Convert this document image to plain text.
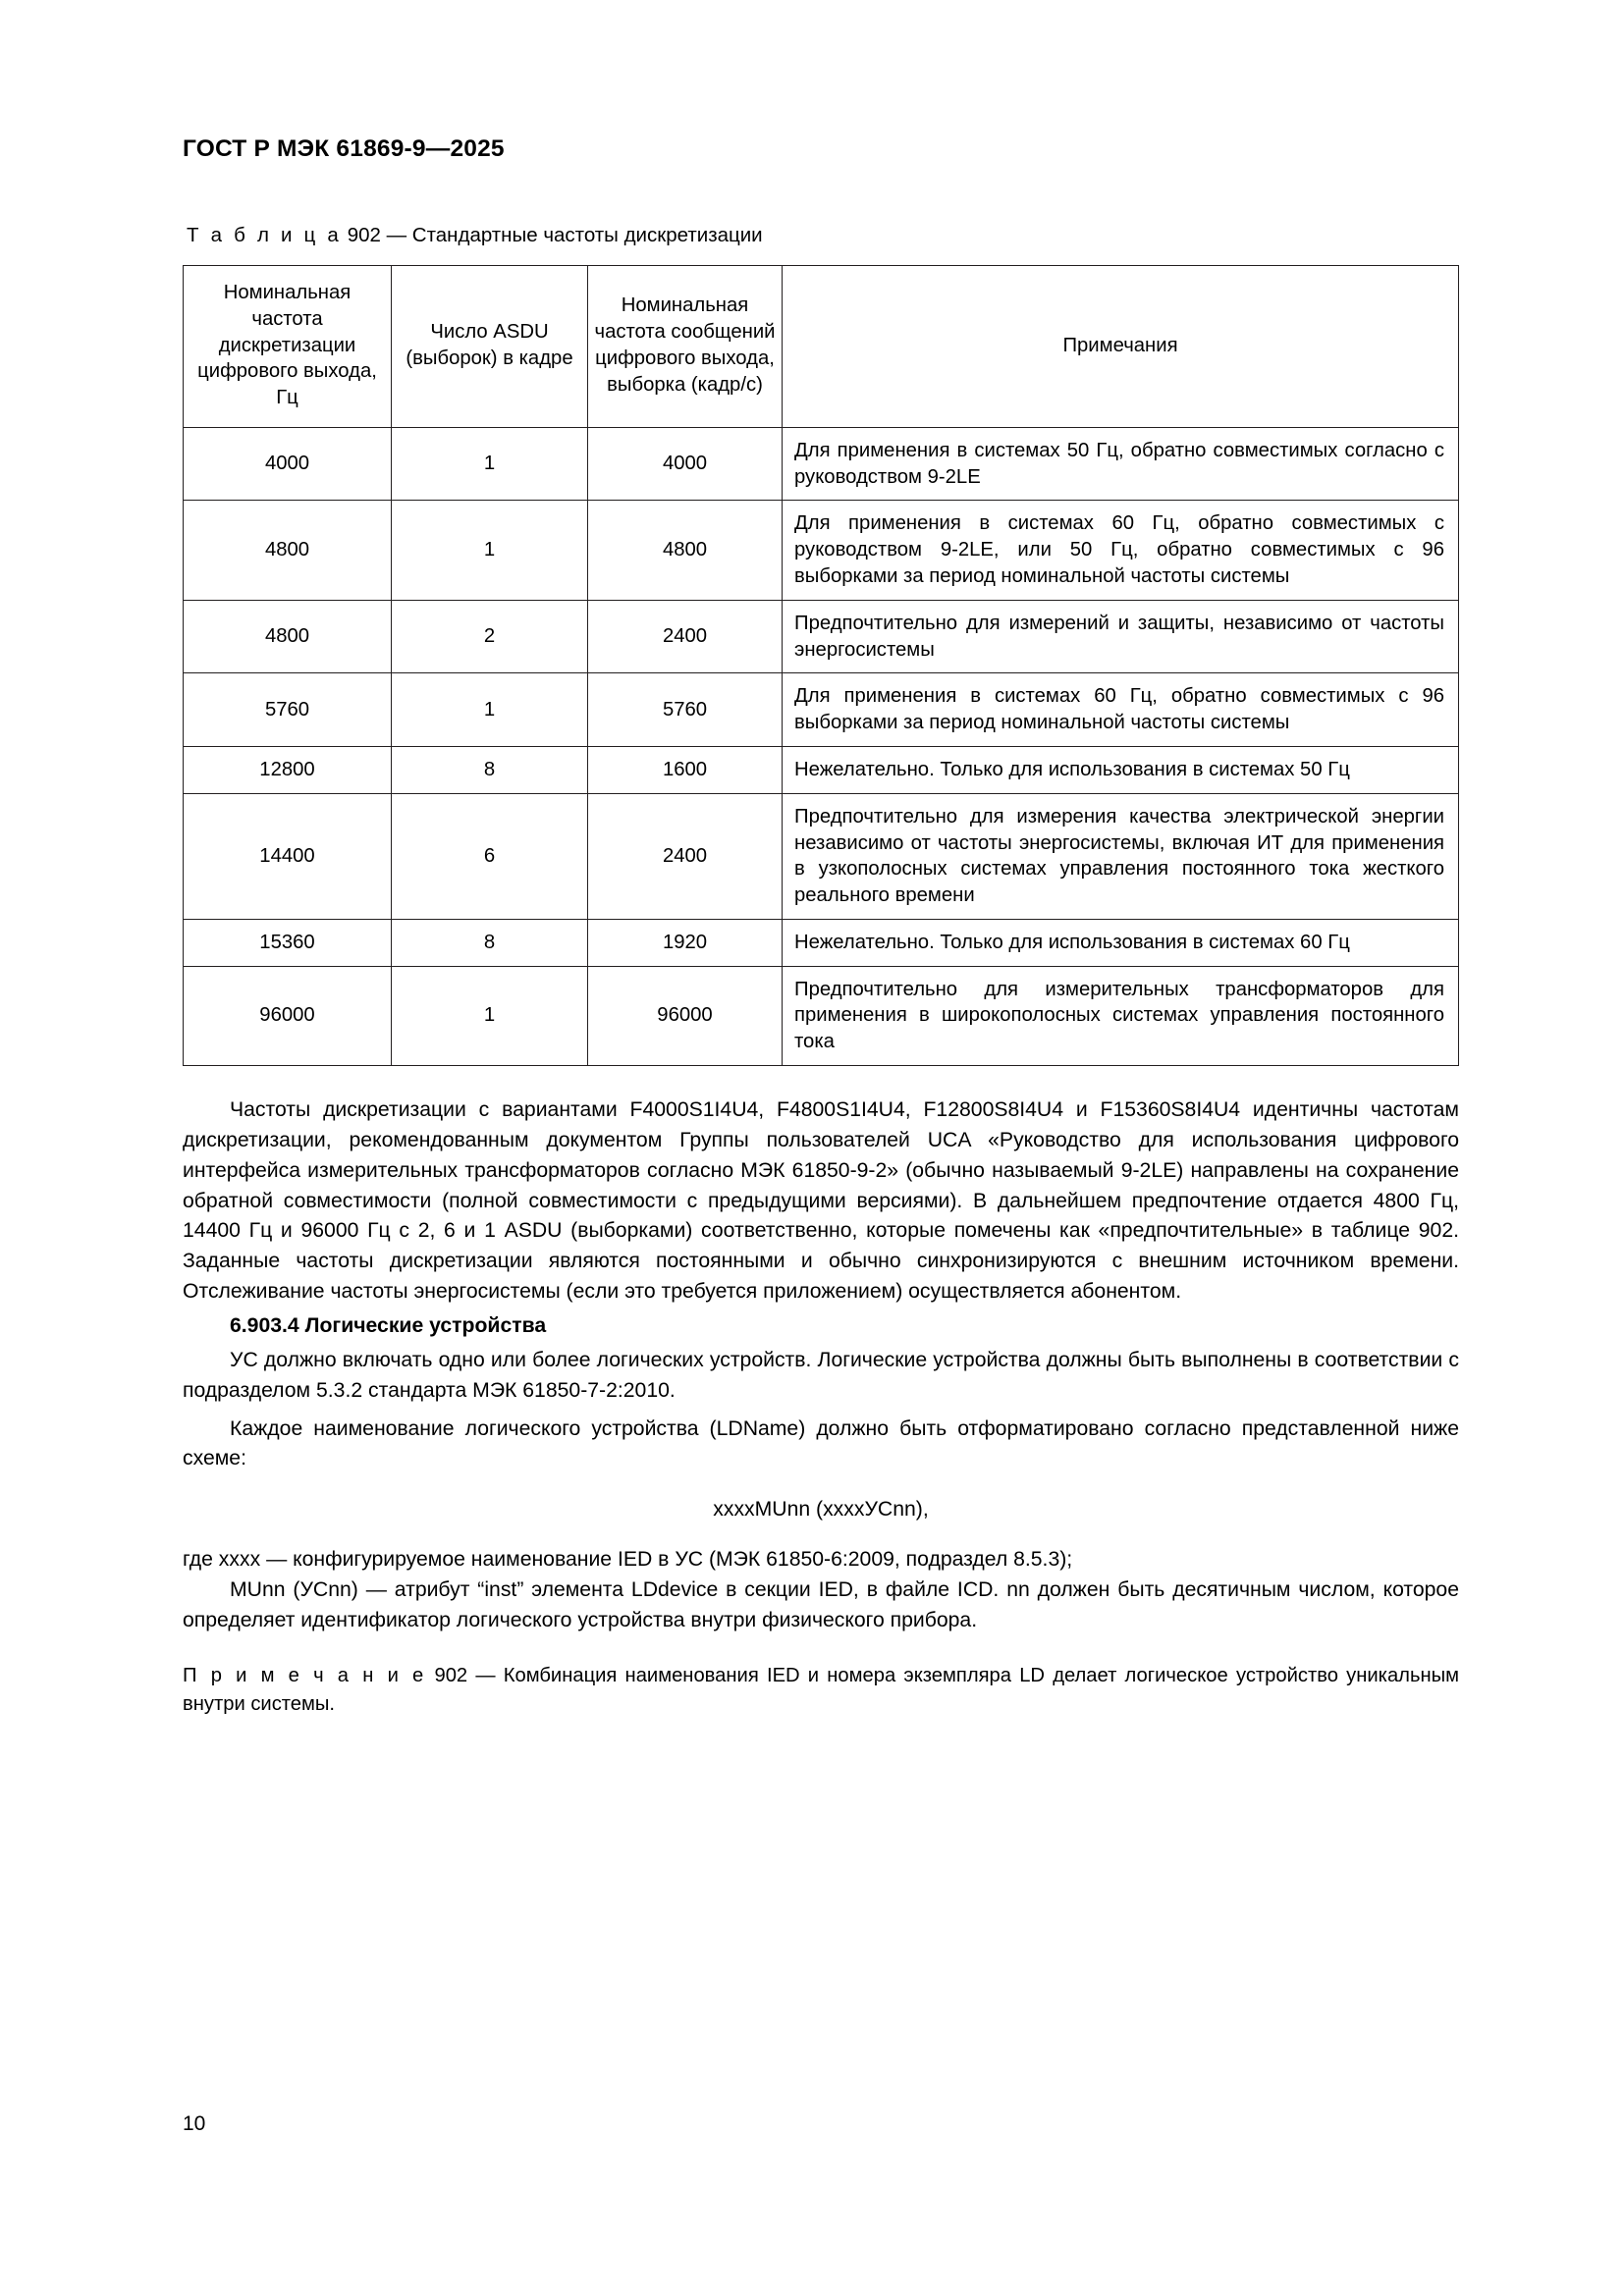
ГОСТ Р МЭК 61869-9—2025
Т а б л и ц а 902 — Стандартные частоты дискретизации
Номинальная частота дискретизации цифрового выхода, Гц	Число ASDU (выборок) в кадре	Номинальная частота сообщений цифрового выхода, выборка (кадр/с)	Примечания
4000	1	4000	Для применения в системах 50 Гц, обратно совместимых согласно с руководством 9-2LE
4800	1	4800	Для применения в системах 60 Гц, обратно совместимых с руководством 9-2LE, или 50 Гц, обратно совместимых с 96 выборками за период номинальной частоты системы
4800	2	2400	Предпочтительно для измерений и защиты, независимо от частоты энергосистемы
5760	1	5760	Для применения в системах 60 Гц, обратно совместимых с 96 выборками за период номинальной частоты системы
12800	8	1600	Нежелательно. Только для использования в системах 50 Гц
14400	6	2400	Предпочтительно для измерения качества электрической энергии независимо от частоты энергосистемы, включая ИТ для применения в узкополосных системах управления постоянного тока жесткого реального времени
15360	8	1920	Нежелательно. Только для использования в системах 60 Гц
96000	1	96000	Предпочтительно для измерительных трансформаторов для применения в широкополосных системах управления постоянного тока

Частоты дискретизации с вариантами F4000S1I4U4, F4800S1I4U4, F12800S8I4U4 и F15360S8I4U4 идентичны частотам дискретизации, рекомендованным документом Группы пользователей UCA «Руководство для использования цифрового интерфейса измерительных трансформаторов согласно МЭК 61850-9-2» (обычно называемый 9-2LE) направлены на сохранение обратной совместимости (полной совместимости с предыдущими версиями). В дальнейшем предпочтение отдается 4800 Гц, 14400 Гц и 96000 Гц с 2, 6 и 1 ASDU (выборками) соответственно, которые помечены как «предпочтительные» в таблице 902. Заданные частоты дискретизации являются постоянными и обычно синхронизируются с внешним источником времени. Отслеживание частоты энергосистемы (если это требуется приложением) осуществляется абонентом.

6.903.4 Логические устройства

УС должно включать одно или более логических устройств. Логические устройства должны быть выполнены в соответствии с подразделом 5.3.2 стандарта МЭК 61850-7-2:2010.

Каждое наименование логического устройства (LDName) должно быть отформатировано согласно представленной ниже схеме:

xxxxMUnn (xxxxУCnn),

где xxxx — конфигурируемое наименование IED в УС (МЭК 61850-6:2009, подраздел 8.5.3);

MUnn (УCnn) — атрибут “inst” элемента LDdevice в секции IED, в файле ICD. nn должен быть десятичным числом, которое определяет идентификатор логического устройства внутри физического прибора.

П р и м е ч а н и е 902 — Комбинация наименования IED и номера экземпляра LD делает логическое устройство уникальным внутри системы.
10
